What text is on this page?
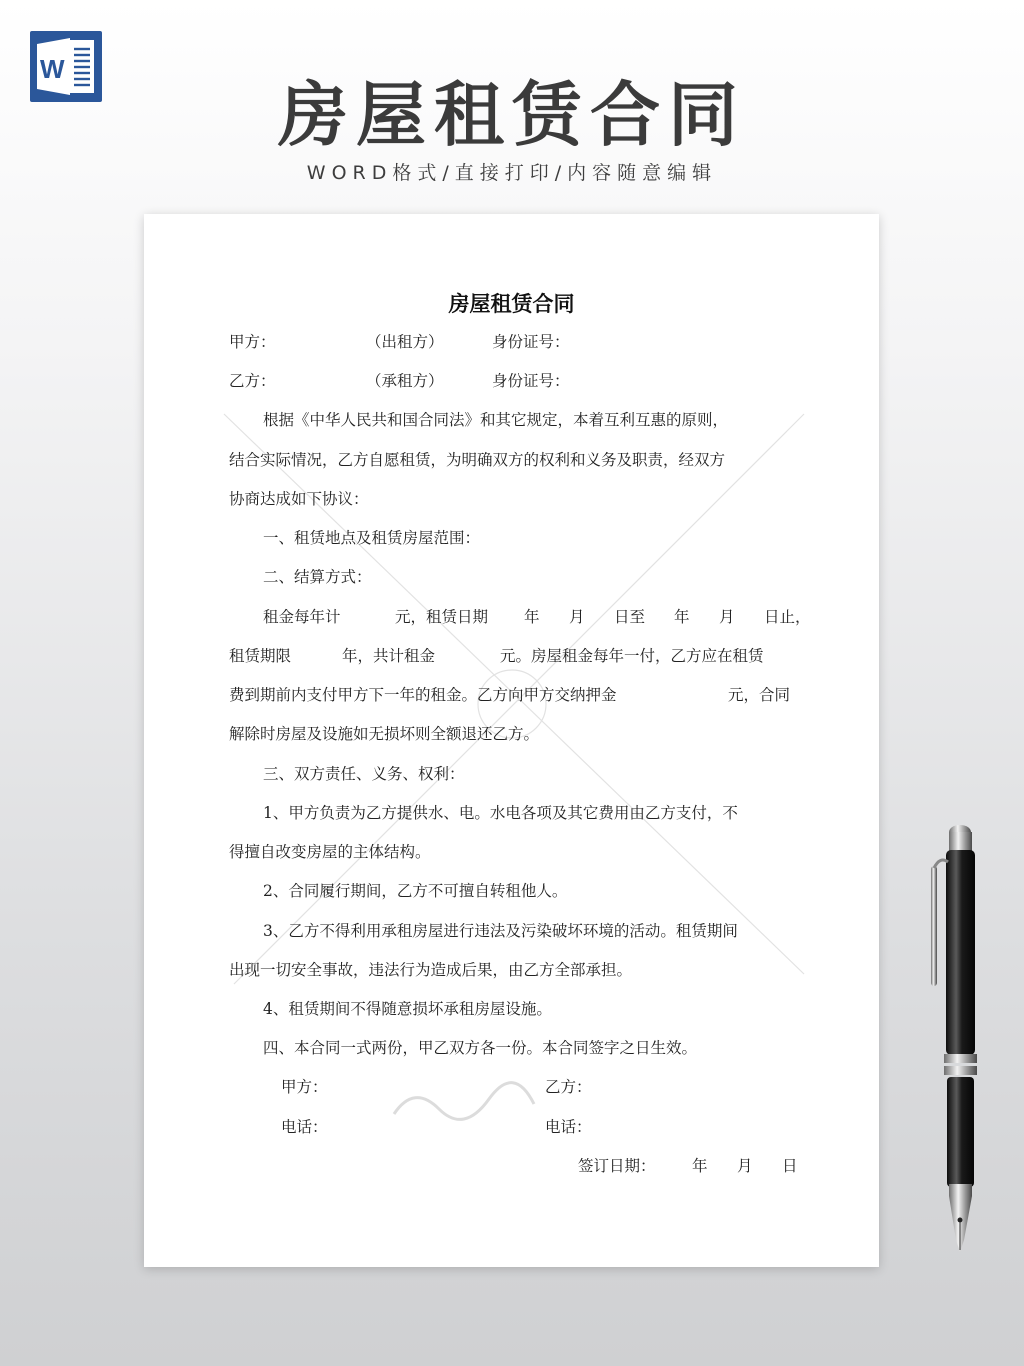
W
房屋租赁合同
WORD格式/直接打印/内容随意编辑
房屋租赁合同
甲方：	（出租方）	身份证号：
乙方：	（承租方）	身份证号：
根据《中华人民共和国合同法》和其它规定，本着互利互惠的原则，
结合实际情况，乙方自愿租赁，为明确双方的权利和义务及职责，经双方
协商达成如下协议：
一、租赁地点及租赁房屋范围：
二、结算方式：
租金每年计	元，租赁日期 年 月 日至 年 月 日止，
租赁期限	年，共计租金	元。房屋租金每年一付，乙方应在租赁
费到期前内支付甲方下一年的租金。乙方向甲方交纳押金	元，合同
解除时房屋及设施如无损坏则全额退还乙方。
三、双方责任、义务、权利：
1、甲方负责为乙方提供水、电。水电各项及其它费用由乙方支付，不
得擅自改变房屋的主体结构。
2、合同履行期间，乙方不可擅自转租他人。
3、乙方不得利用承租房屋进行违法及污染破坏环境的活动。租赁期间
出现一切安全事故，违法行为造成后果，由乙方全部承担。
4、租赁期间不得随意损坏承租房屋设施。
四、本合同一式两份，甲乙双方各一份。本合同签字之日生效。
甲方：	乙方：
电话：	电话：
签订日期： 年 月 日
